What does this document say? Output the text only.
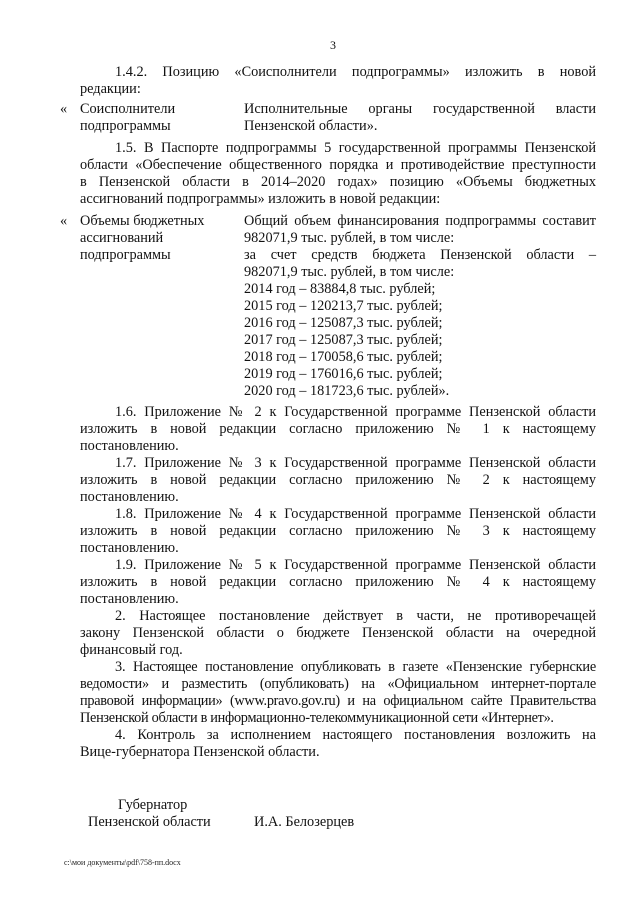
3
1.4.2. Позицию «Соисполнители подпрограммы» изложить в новой
редакции:
« Соисполнители
подпрограммы
Исполнительные органы государственной власти
Пензенской области».
1.5. В Паспорте подпрограммы 5 государственной программы Пензенской
области «Обеспечение общественного порядка и противодействие преступности
в Пензенской области в 2014–2020 годах» позицию «Объемы бюджетных
ассигнований подпрограммы» изложить в новой редакции:
« Объемы бюджетных
ассигнований
подпрограммы
Общий объем финансирования подпрограммы составит
982071,9 тыс. рублей, в том числе:
за счет средств бюджета Пензенской области –
982071,9 тыс. рублей, в том числе:
2014 год – 83884,8 тыс. рублей;
2015 год – 120213,7 тыс. рублей;
2016 год – 125087,3 тыс. рублей;
2017 год – 125087,3 тыс. рублей;
2018 год – 170058,6 тыс. рублей;
2019 год – 176016,6 тыс. рублей;
2020 год – 181723,6 тыс. рублей».
1.6. Приложение № 2 к Государственной программе Пензенской области
изложить в новой редакции согласно приложению № 1 к настоящему
постановлению.
1.7. Приложение № 3 к Государственной программе Пензенской области
изложить в новой редакции согласно приложению № 2 к настоящему
постановлению.
1.8. Приложение № 4 к Государственной программе Пензенской области
изложить в новой редакции согласно приложению № 3 к настоящему
постановлению.
1.9. Приложение № 5 к Государственной программе Пензенской области
изложить в новой редакции согласно приложению № 4 к настоящему
постановлению.
2. Настоящее постановление действует в части, не противоречащей
закону Пензенской области о бюджете Пензенской области на очередной
финансовый год.
3. Настоящее постановление опубликовать в газете «Пензенские губернские
ведомости» и разместить (опубликовать) на «Официальном интернет-портале
правовой информации» (www.pravo.gov.ru) и на официальном сайте Правительства
Пензенской области в информационно-телекоммуникационной сети «Интернет».
4. Контроль за исполнением настоящего постановления возложить на
Вице-губернатора Пензенской области.
Губернатор
Пензенской области	И.А. Белозерцев
c:\мои документы\pdf\758-пп.docx
